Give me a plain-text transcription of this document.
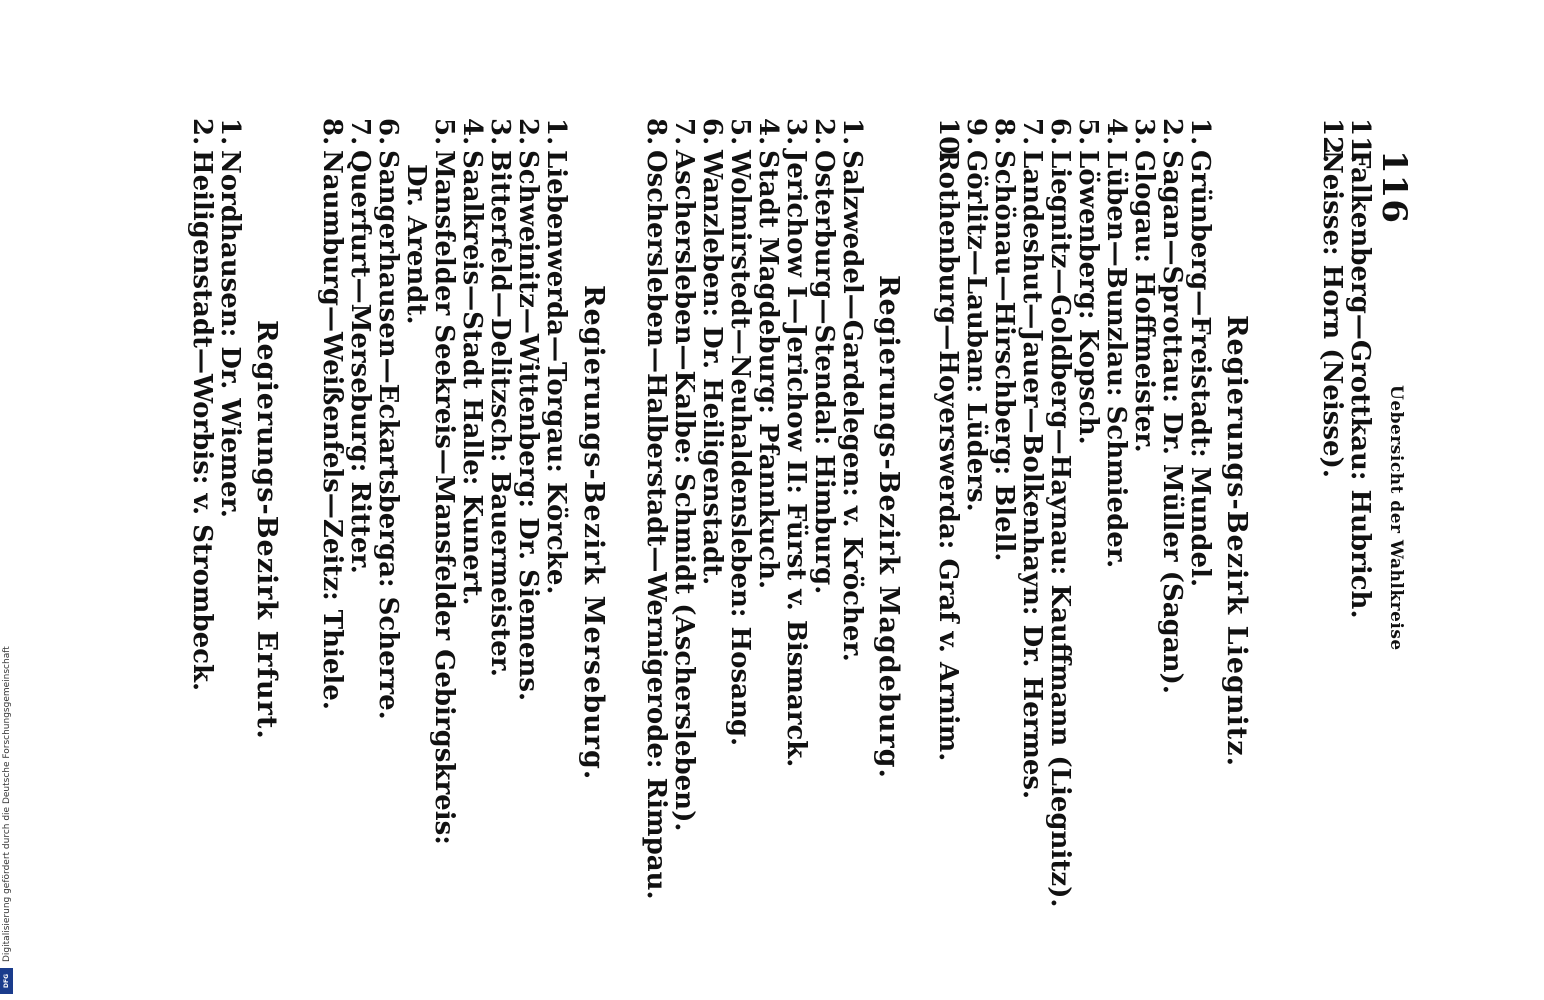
116
Uebersicht der Wahlkreise
11.Falkenberg—Grottkau: Hubrich.
12.Neisse: Horn (Neisse).
Regierungs-Bezirk Liegnitz.
1.Grünberg—Freistadt: Mundel.
2.Sagan—Sprottau: Dr. Müller (Sagan).
3.Glogau: Hoffmeister.
4.Lüben—Bunzlau: Schmieder.
5.Löwenberg: Kopsch.
6.Liegnitz—Goldberg—Haynau: Kauffmann (Liegnitz).
7.Landeshut—Jauer—Bolkenhayn: Dr. Hermes.
8.Schönau—Hirschberg: Blell.
9.Görlitz—Lauban: Lüders.
10.Rothenburg—Hoyerswerda: Graf v. Arnim.
Regierungs-Bezirk Magdeburg.
1.Salzwedel—Gardelegen: v. Kröcher.
2.Osterburg—Stendal: Himburg.
3.Jerichow I—Jerichow II: Fürst v. Bismarck.
4.Stadt Magdeburg: Pfannkuch.
5.Wolmirstedt—Neuhaldensleben: Hosang.
6.Wanzleben: Dr. Heiligenstadt.
7.Aschersleben—Kalbe: Schmidt (Aschersleben).
8.Oschersleben—Halberstadt—Wernigerode: Rimpau.
Regierungs-Bezirk Merseburg.
1.Liebenwerda—Torgau: Körcke.
2.Schweinitz—Wittenberg: Dr. Siemens.
3.Bitterfeld—Delitzsch: Bauermeister.
4.Saalkreis—Stadt Halle: Kunert.
5.Mansfelder Seekreis—Mansfelder Gebirgskreis:
Dr. Arendt.
6.Sangerhausen—Eckartsberga: Scherre.
7.Querfurt—Merseburg: Ritter.
8.Naumburg—Weißenfels—Zeitz: Thiele.
Regierungs-Bezirk Erfurt.
1.Nordhausen: Dr. Wiemer.
2.Heiligenstadt—Worbis: v. Strombeck.
Digitalisierung gefördert durch die Deutsche Forschungsgemeinschaft
DFG
